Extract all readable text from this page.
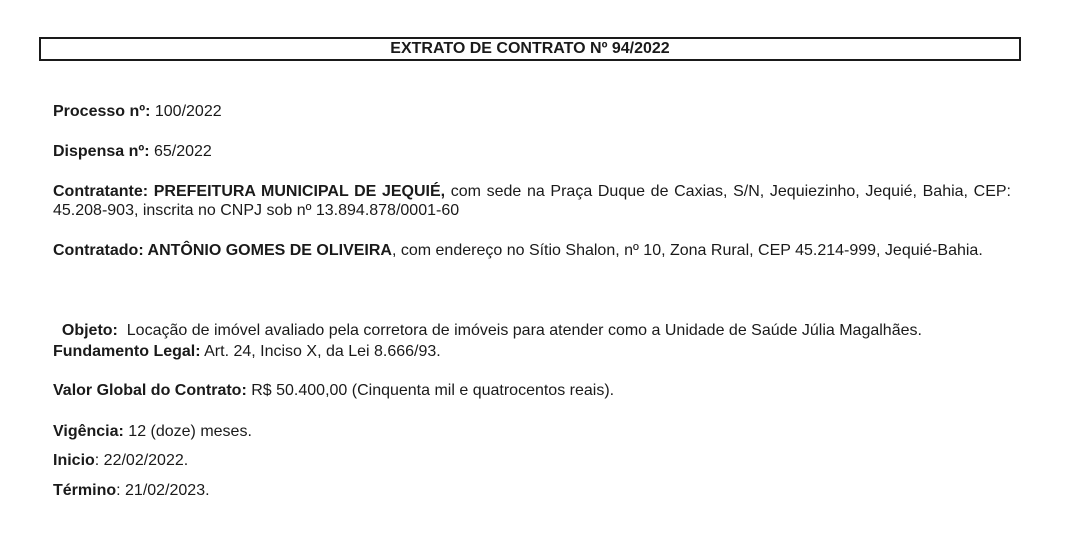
EXTRATO DE CONTRATO Nº 94/2022
Processo nº: 100/2022
Dispensa nº: 65/2022
Contratante: PREFEITURA MUNICIPAL DE JEQUIÉ, com sede na Praça Duque de Caxias, S/N, Jequiezinho, Jequié, Bahia, CEP: 45.208-903, inscrita no CNPJ sob nº 13.894.878/0001-60
Contratado: ANTÔNIO GOMES DE OLIVEIRA, com endereço no Sítio Shalon, nº 10, Zona Rural, CEP 45.214-999, Jequié-Bahia.

Objeto:  Locação de imóvel avaliado pela corretora de imóveis para atender como a Unidade de Saúde Júlia Magalhães.

Fundamento Legal: Art. 24, Inciso X, da Lei 8.666/93.
Valor Global do Contrato: R$ 50.400,00 (Cinquenta mil e quatrocentos reais).
Vigência: 12 (doze) meses.
Inicio: 22/02/2022.
Término: 21/02/2023.
